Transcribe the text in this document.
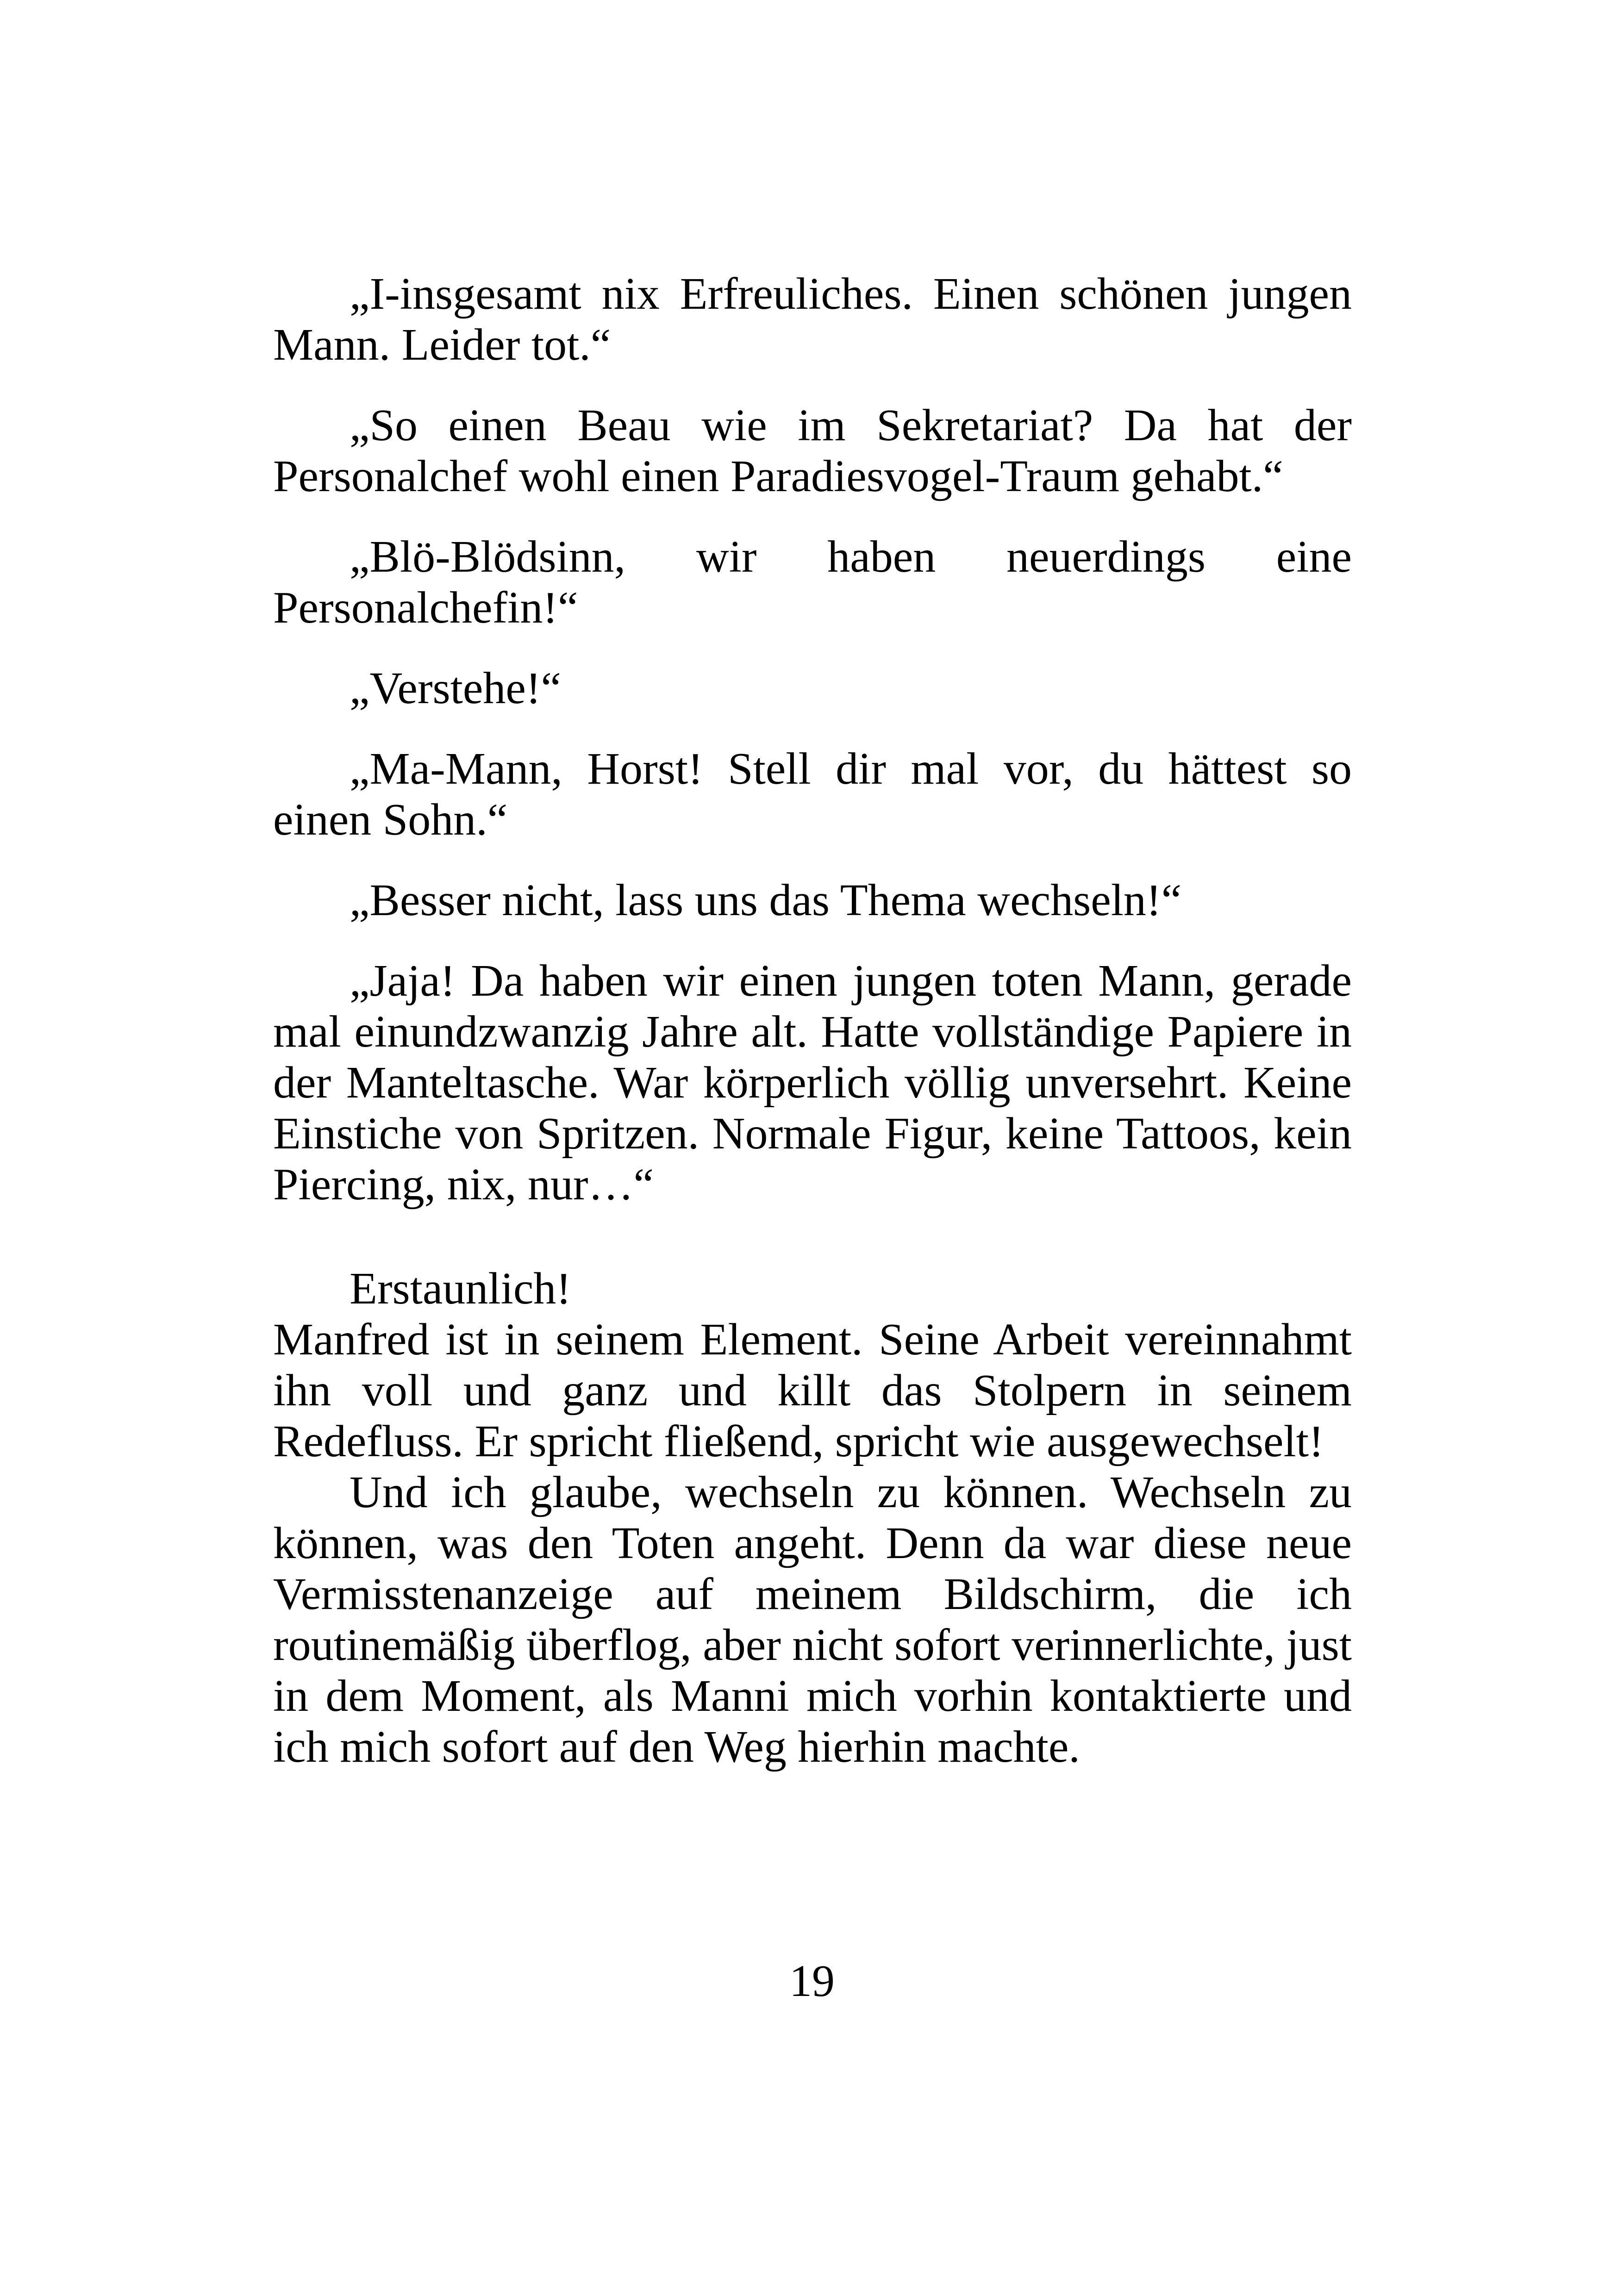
„I-insgesamt nix Erfreuliches. Einen schönen jungen Mann. Leider tot.“

„So einen Beau wie im Sekretariat? Da hat der Personalchef wohl einen Paradiesvogel-Traum gehabt.“

„Blö-Blödsinn, wir haben neuerdings eine Personalchefin!“

„Verstehe!“

„Ma-Mann, Horst! Stell dir mal vor, du hättest so einen Sohn.“

„Besser nicht, lass uns das Thema wechseln!“

„Jaja! Da haben wir einen jungen toten Mann, gerade mal einundzwanzig Jahre alt. Hatte vollständige Papiere in der Manteltasche. War körperlich völlig unversehrt. Keine Einstiche von Spritzen. Normale Figur, keine Tattoos, kein Piercing, nix, nur…“

Erstaunlich!

Manfred ist in seinem Element. Seine Arbeit vereinnahmt ihn voll und ganz und killt das Stolpern in seinem Redefluss. Er spricht fließend, spricht wie ausgewechselt!

Und ich glaube, wechseln zu können. Wechseln zu können, was den Toten angeht. Denn da war diese neue Vermisstenanzeige auf meinem Bildschirm, die ich routinemäßig überflog, aber nicht sofort verinnerlichte, just in dem Moment, als Manni mich vorhin kontaktierte und ich mich sofort auf den Weg hierhin machte.

19
